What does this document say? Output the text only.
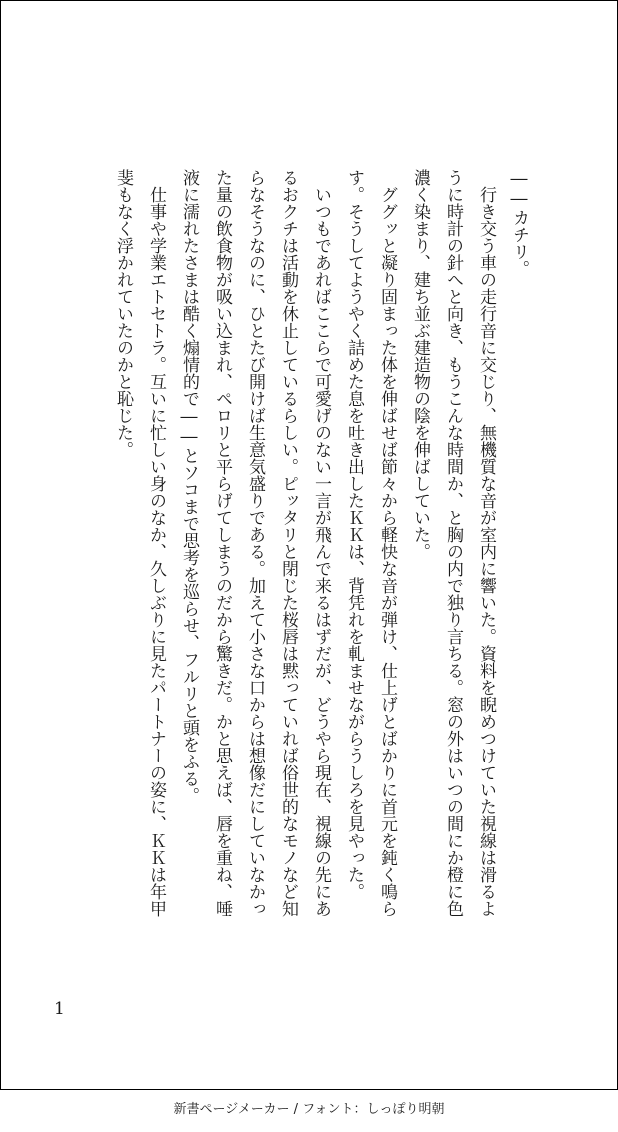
――カチリ。

行き交う車の走行音に交じり、無機質な音が室内に響いた。資料を睨めつけていた視線は滑るように時計の針へと向き、もうこんな時間か、と胸の内で独り言ちる。窓の外はいつの間にか橙に色濃く染まり、建ち並ぶ建造物の陰を伸ばしていた。

ググッと凝り固まった体を伸ばせば節々から軽快な音が弾け、仕上げとばかりに首元を鈍く鳴らす。そうしてようやく詰めた息を吐き出したＫＫは、背凭れを軋ませながらうしろを見やった。

いつもであればここらで可愛げのない一言が飛んで来るはずだが、どうやら現在、視線の先にあるおクチは活動を休止しているらしい。ピッタリと閉じた桜唇は黙っていれば俗世的なモノなど知らなそうなのに、ひとたび開けば生意気盛りである。加えて小さな口からは想像だにしていなかった量の飲食物が吸い込まれ、ペロリと平らげてしまうのだから驚きだ。かと思えば、唇を重ね、唾液に濡れたさまは酷く煽情的で――とソコまで思考を巡らせ、フルリと頭をふる。

仕事や学業エトセトラ。互いに忙しい身のなか、久しぶりに見たパートナーの姿に、ＫＫは年甲斐もなく浮かれていたのかと恥じた。

1
新書ページメーカー / フォント：しっぽり明朝
